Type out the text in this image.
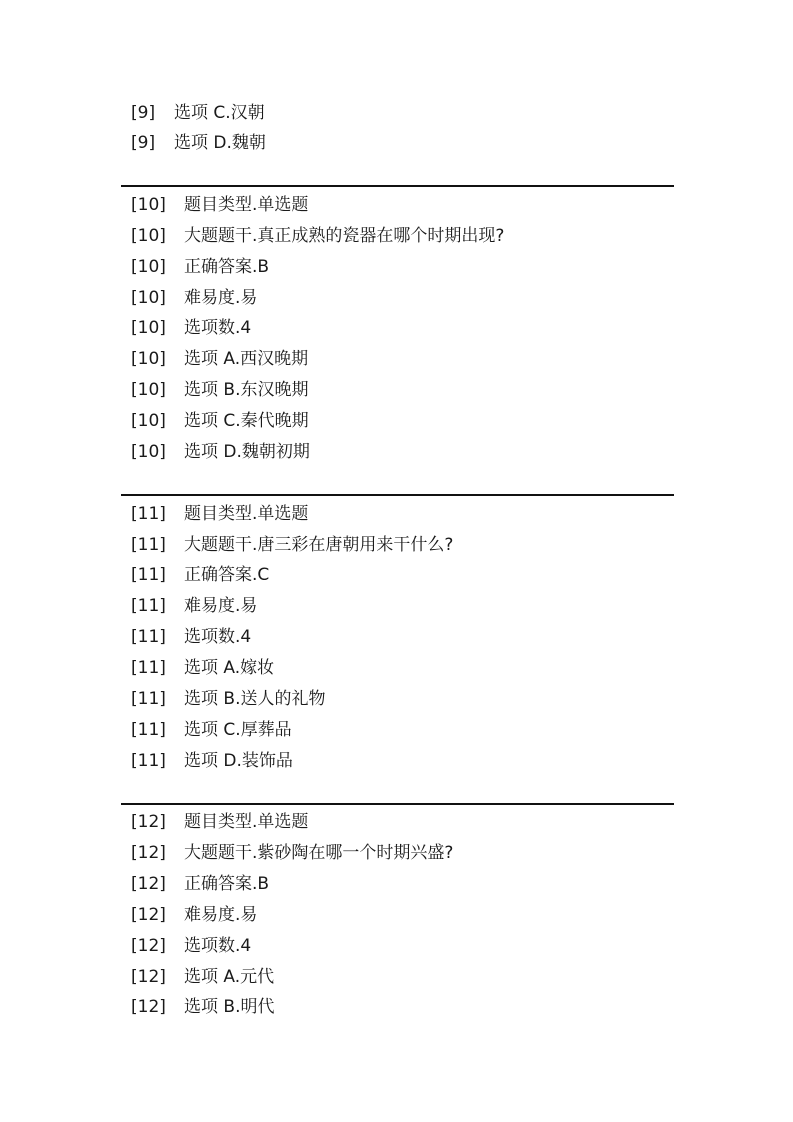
[9] 选项 C.汉朝
[9] 选项 D.魏朝
[10] 题目类型.单选题
[10] 大题题干.真正成熟的瓷器在哪个时期出现?
[10] 正确答案.B
[10] 难易度.易
[10] 选项数.4
[10] 选项 A.西汉晚期
[10] 选项 B.东汉晚期
[10] 选项 C.秦代晚期
[10] 选项 D.魏朝初期
[11] 题目类型.单选题
[11] 大题题干.唐三彩在唐朝用来干什么?
[11] 正确答案.C
[11] 难易度.易
[11] 选项数.4
[11] 选项 A.嫁妆
[11] 选项 B.送人的礼物
[11] 选项 C.厚葬品
[11] 选项 D.装饰品
[12] 题目类型.单选题
[12] 大题题干.紫砂陶在哪一个时期兴盛?
[12] 正确答案.B
[12] 难易度.易
[12] 选项数.4
[12] 选项 A.元代
[12] 选项 B.明代
